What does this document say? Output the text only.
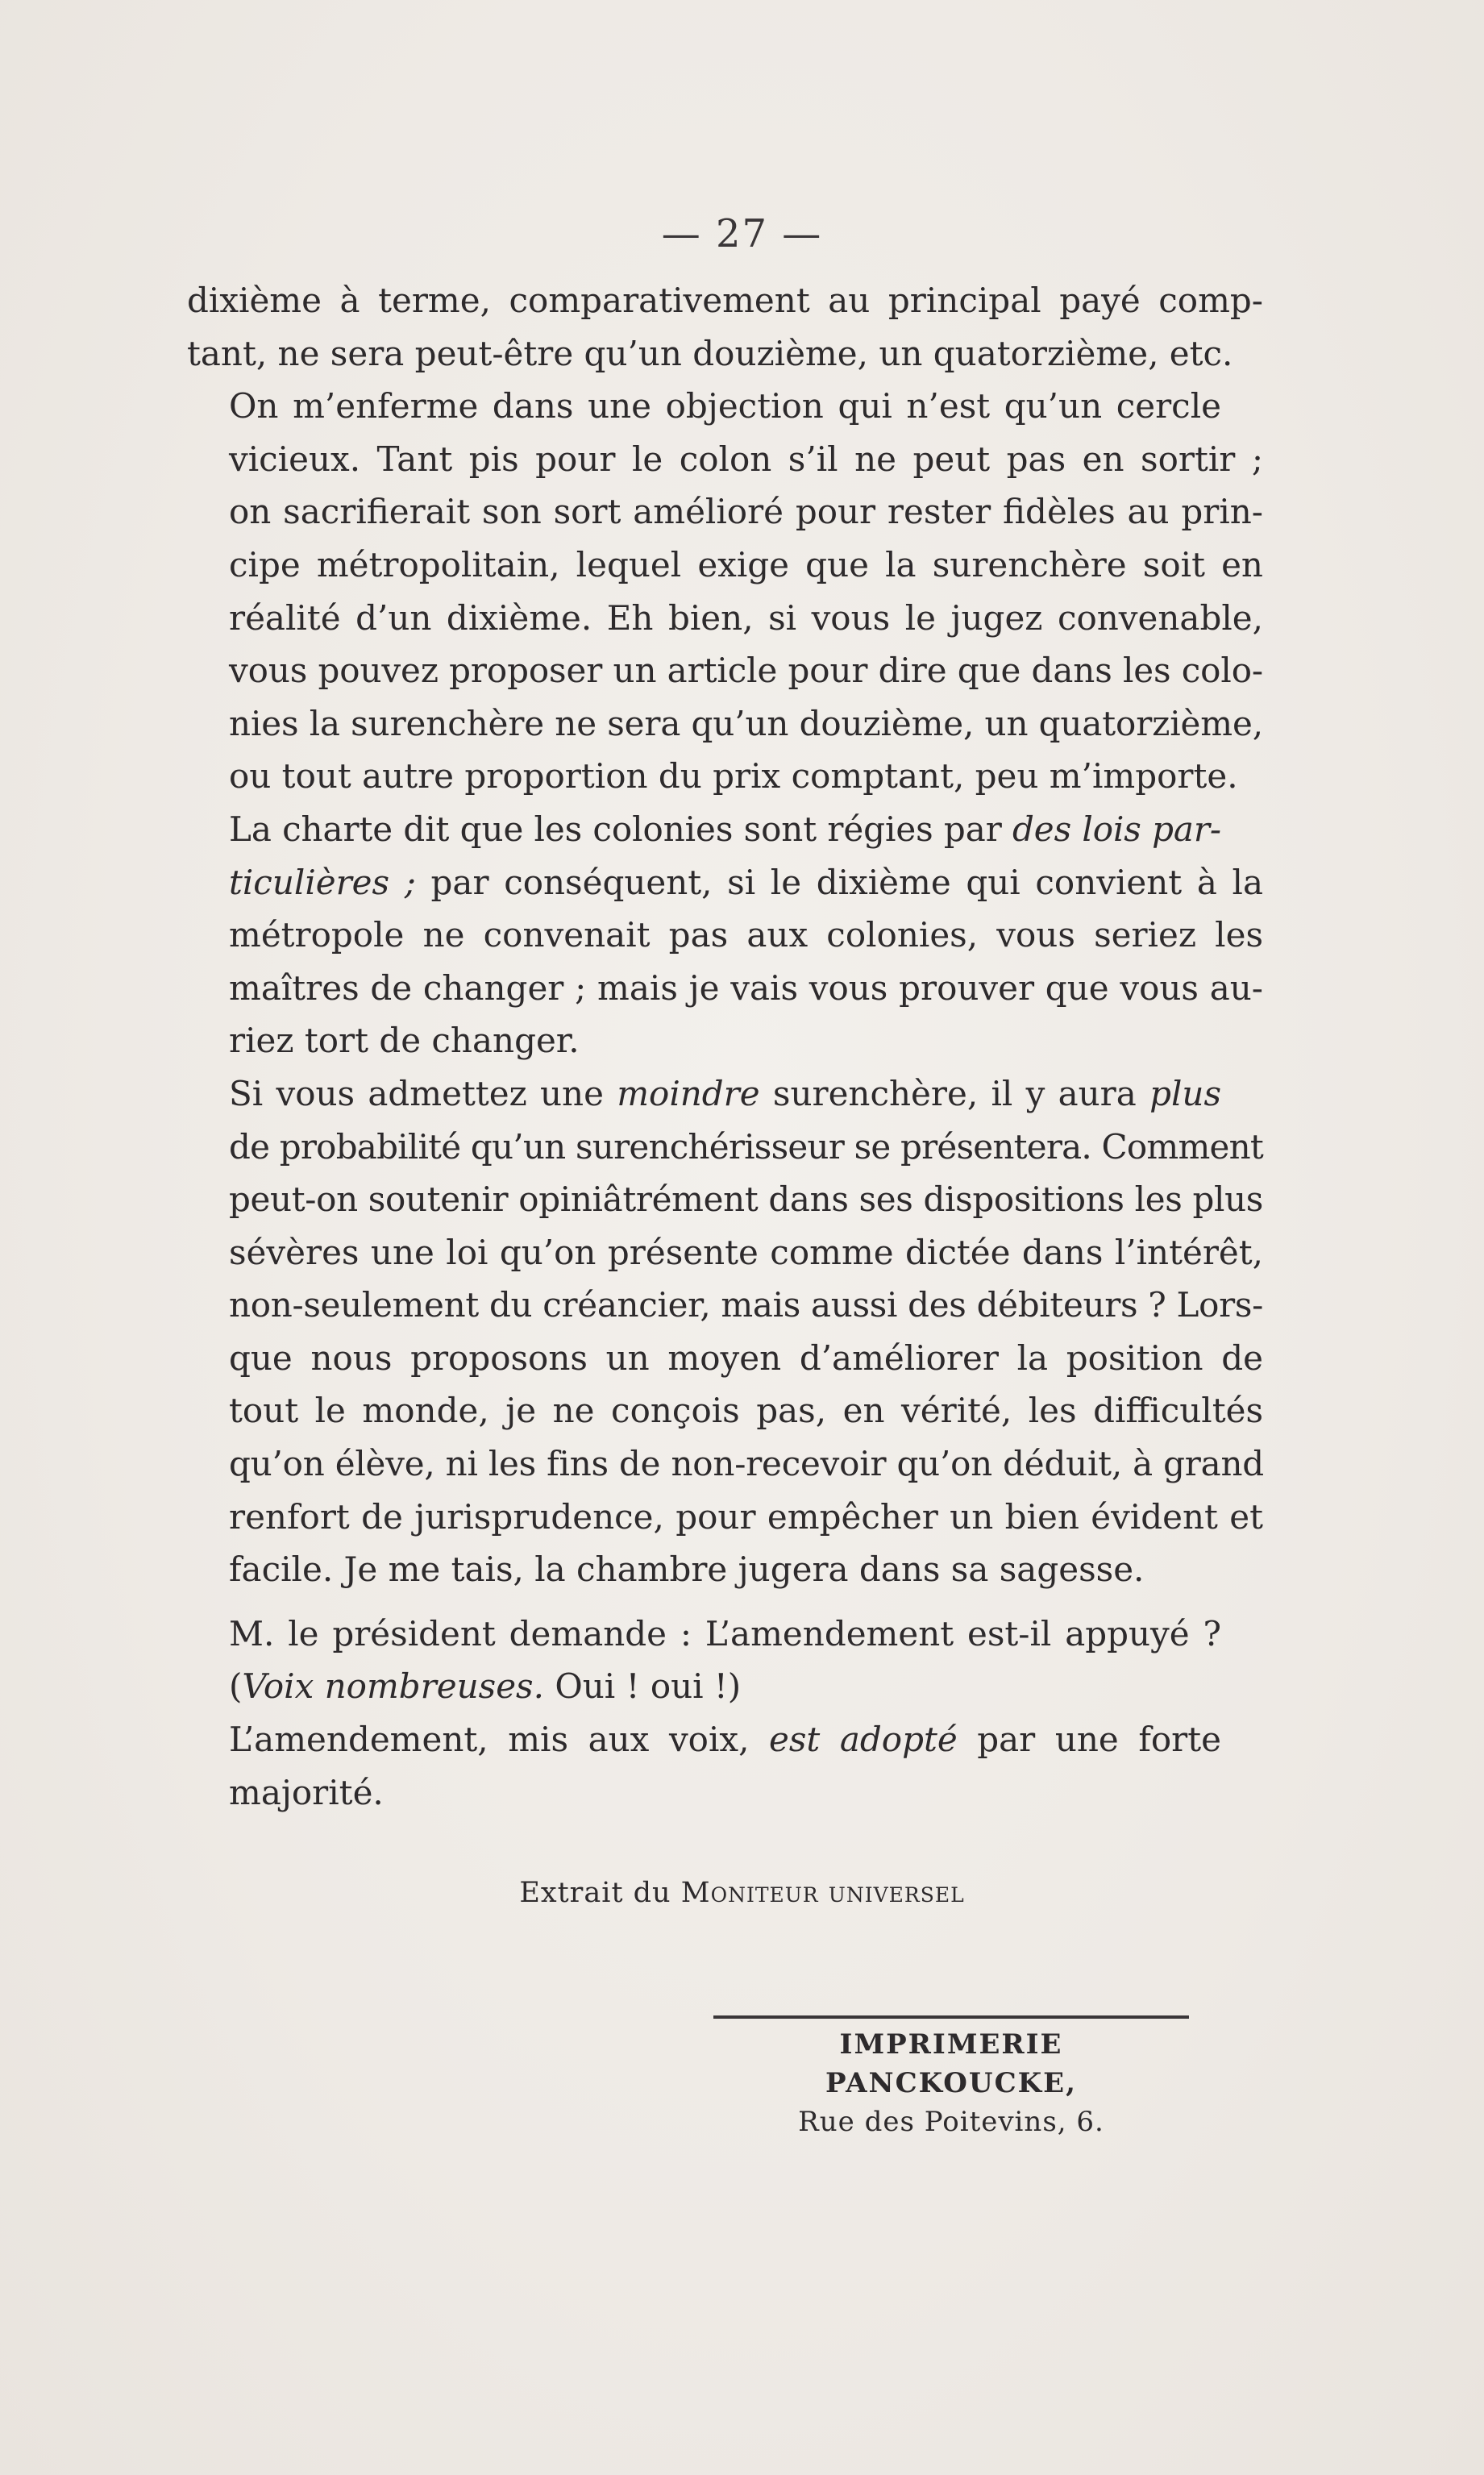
— 27 —
dixième à terme, comparativement au principal payé comp-
tant, ne sera peut-être qu’un douzième, un quatorzième, etc.
On m’enferme dans une objection qui n’est qu’un cercle
vicieux. Tant pis pour le colon s’il ne peut pas en sortir ;
on sacrifierait son sort amélioré pour rester fidèles au prin-
cipe métropolitain, lequel exige que la surenchère soit en
réalité d’un dixième. Eh bien, si vous le jugez convenable,
vous pouvez proposer un article pour dire que dans les colo-
nies la surenchère ne sera qu’un douzième, un quatorzième,
ou tout autre proportion du prix comptant, peu m’importe.
La charte dit que les colonies sont régies par des lois par-
ticulières ; par conséquent, si le dixième qui convient à la
métropole ne convenait pas aux colonies, vous seriez les
maîtres de changer ; mais je vais vous prouver que vous au-
riez tort de changer.
Si vous admettez une moindre surenchère, il y aura plus
de probabilité qu’un surenchérisseur se présentera. Comment
peut-on soutenir opiniâtrément dans ses dispositions les plus
sévères une loi qu’on présente comme dictée dans l’intérêt,
non-seulement du créancier, mais aussi des débiteurs ? Lors-
que nous proposons un moyen d’améliorer la position de
tout le monde, je ne conçois pas, en vérité, les difficultés
qu’on élève, ni les fins de non-recevoir qu’on déduit, à grand
renfort de jurisprudence, pour empêcher un bien évident et
facile. Je me tais, la chambre jugera dans sa sagesse.
M. le président demande : L’amendement est-il appuyé ?
(Voix nombreuses. Oui ! oui !)
L’amendement, mis aux voix, est adopté par une forte
majorité.
Extrait du Moniteur universel
IMPRIMERIE PANCKOUCKE,
Rue des Poitevins, 6.
